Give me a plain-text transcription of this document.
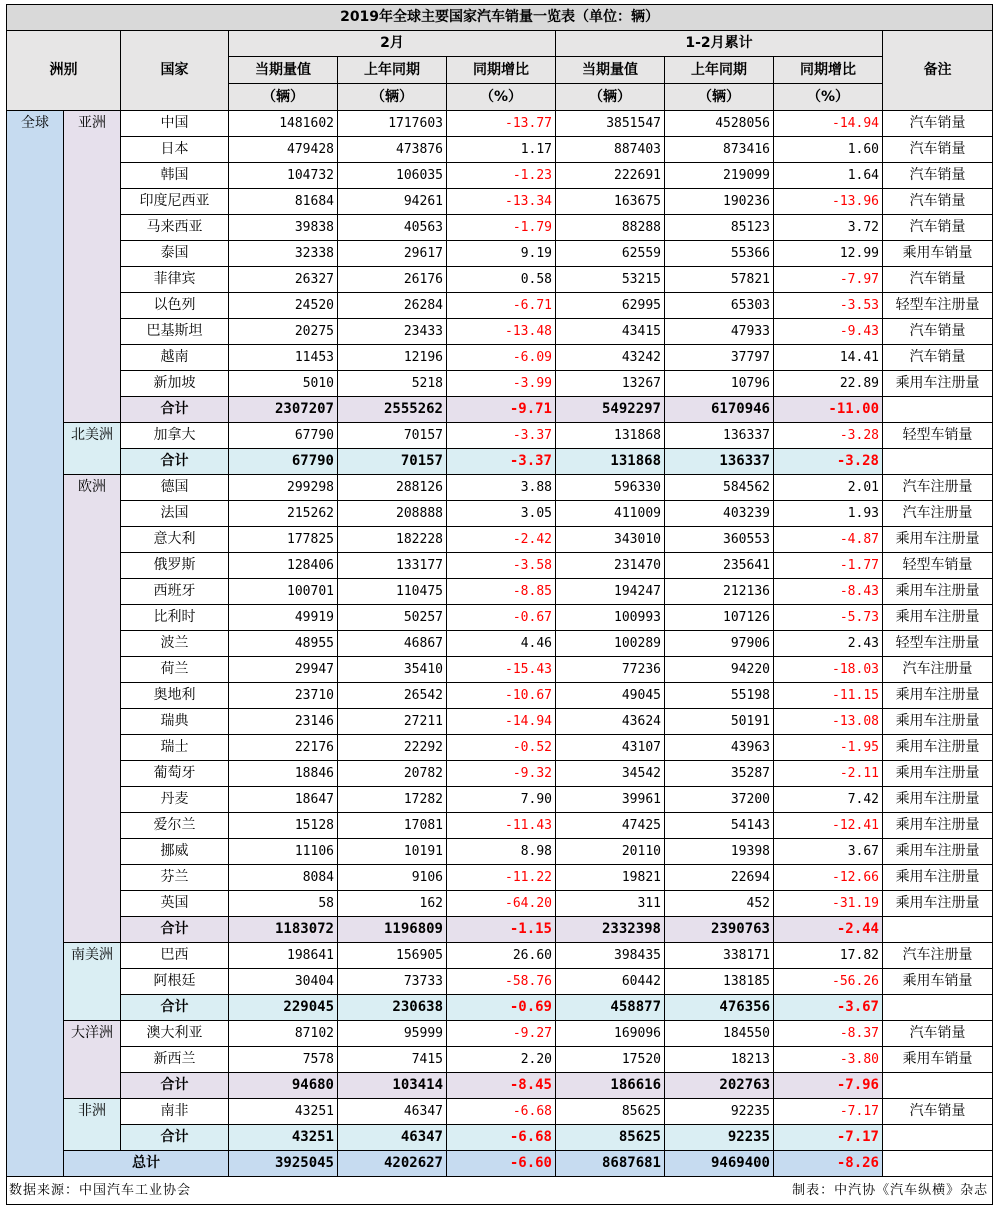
2019年全球主要国家汽车销量一览表（单位：辆）									
洲别		国家	2月			1-2月累计			备注
			当期量值	上年同期	同期增比	当期量值	上年同期	同期增比	
			（辆）	（辆）	（%）	（辆）	（辆）	（%）	
全球	亚洲	中国	1481602	1717603	-13.77	3851547	4528056	-14.94	汽车销量
		日本	479428	473876	1.17	887403	873416	1.60	汽车销量
		韩国	104732	106035	-1.23	222691	219099	1.64	汽车销量
		印度尼西亚	81684	94261	-13.34	163675	190236	-13.96	汽车销量
		马来西亚	39838	40563	-1.79	88288	85123	3.72	汽车销量
		泰国	32338	29617	9.19	62559	55366	12.99	乘用车销量
		菲律宾	26327	26176	0.58	53215	57821	-7.97	汽车销量
		以色列	24520	26284	-6.71	62995	65303	-3.53	轻型车注册量
		巴基斯坦	20275	23433	-13.48	43415	47933	-9.43	汽车销量
		越南	11453	12196	-6.09	43242	37797	14.41	汽车销量
		新加坡	5010	5218	-3.99	13267	10796	22.89	乘用车注册量
		合计	2307207	2555262	-9.71	5492297	6170946	-11.00	
	北美洲	加拿大	67790	70157	-3.37	131868	136337	-3.28	轻型车销量
		合计	67790	70157	-3.37	131868	136337	-3.28	
	欧洲	德国	299298	288126	3.88	596330	584562	2.01	汽车注册量
		法国	215262	208888	3.05	411009	403239	1.93	汽车注册量
		意大利	177825	182228	-2.42	343010	360553	-4.87	乘用车注册量
		俄罗斯	128406	133177	-3.58	231470	235641	-1.77	轻型车销量
		西班牙	100701	110475	-8.85	194247	212136	-8.43	乘用车注册量
		比利时	49919	50257	-0.67	100993	107126	-5.73	乘用车注册量
		波兰	48955	46867	4.46	100289	97906	2.43	轻型车注册量
		荷兰	29947	35410	-15.43	77236	94220	-18.03	汽车注册量
		奥地利	23710	26542	-10.67	49045	55198	-11.15	乘用车注册量
		瑞典	23146	27211	-14.94	43624	50191	-13.08	乘用车注册量
		瑞士	22176	22292	-0.52	43107	43963	-1.95	乘用车注册量
		葡萄牙	18846	20782	-9.32	34542	35287	-2.11	乘用车注册量
		丹麦	18647	17282	7.90	39961	37200	7.42	乘用车注册量
		爱尔兰	15128	17081	-11.43	47425	54143	-12.41	乘用车注册量
		挪威	11106	10191	8.98	20110	19398	3.67	乘用车注册量
		芬兰	8084	9106	-11.22	19821	22694	-12.66	乘用车注册量
		英国	58	162	-64.20	311	452	-31.19	乘用车注册量
		合计	1183072	1196809	-1.15	2332398	2390763	-2.44	
	南美洲	巴西	198641	156905	26.60	398435	338171	17.82	汽车注册量
		阿根廷	30404	73733	-58.76	60442	138185	-56.26	乘用车销量
		合计	229045	230638	-0.69	458877	476356	-3.67	
	大洋洲	澳大利亚	87102	95999	-9.27	169096	184550	-8.37	汽车销量
		新西兰	7578	7415	2.20	17520	18213	-3.80	乘用车销量
		合计	94680	103414	-8.45	186616	202763	-7.96	
	非洲	南非	43251	46347	-6.68	85625	92235	-7.17	汽车销量
		合计	43251	46347	-6.68	85625	92235	-7.17	
	总计		3925045	4202627	-6.60	8687681	9469400	-8.26	

数据来源：中国汽车工业协会 制表：中汽协《汽车纵横》杂志									
